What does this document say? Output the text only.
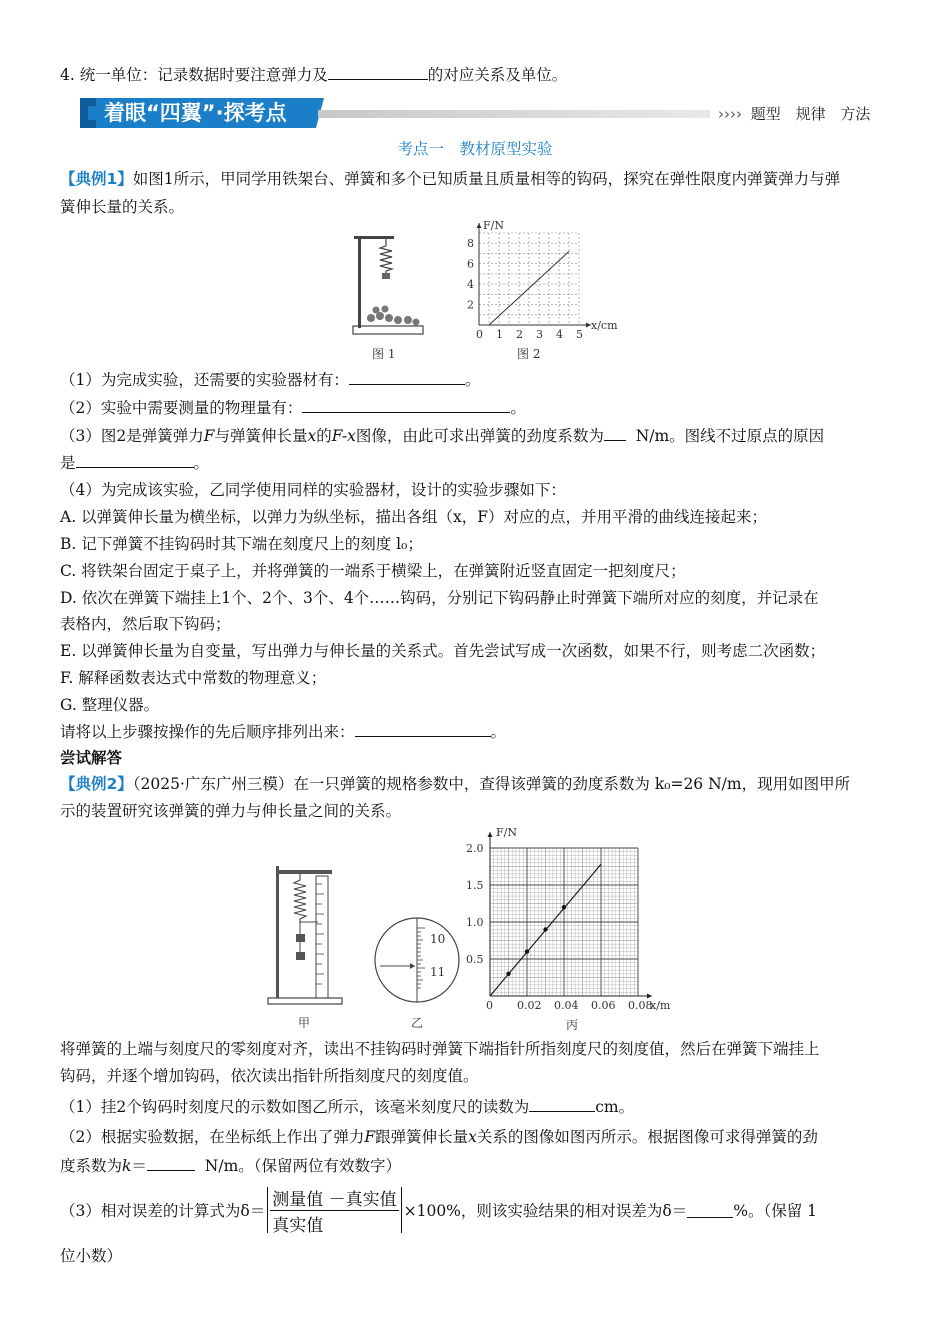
4. 统一单位：记录数据时要注意弹力及	的对应关系及单位。
着眼“四翼”·探考点	›››› 题型 规律 方法
考点一　教材原型实验
【典例1】如图1所示，甲同学用铁架台、弹簧和多个已知质量且质量相等的钩码，探究在弹性限度内弹簧弹力与弹
簧伸长量的关系。
图 1
0 1 2 3 4 5
2
4
6
8
x/cm
F/N
图 2
（1）为完成实验，还需要的实验器材有：	。
（2）实验中需要测量的物理量有：	。
（3）图2是弹簧弹力F与弹簧伸长量x的F-x图像，由此可求出弹簧的劲度系数为 N/m。图线不过原点的原因
是	。
（4）为完成该实验，乙同学使用同样的实验器材，设计的实验步骤如下：
A. 以弹簧伸长量为横坐标，以弹力为纵坐标，描出各组（x，F）对应的点，并用平滑的曲线连接起来；
B. 记下弹簧不挂钩码时其下端在刻度尺上的刻度 l₀；
C. 将铁架台固定于桌子上，并将弹簧的一端系于横梁上，在弹簧附近竖直固定一把刻度尺；
D. 依次在弹簧下端挂上1个、2个、3个、4个……钩码，分别记下钩码静止时弹簧下端所对应的刻度，并记录在
表格内，然后取下钩码；
E. 以弹簧伸长量为自变量，写出弹力与伸长量的关系式。首先尝试写成一次函数，如果不行，则考虑二次函数；
F. 解释函数表达式中常数的物理意义；
G. 整理仪器。
请将以上步骤按操作的先后顺序排列出来：	。
尝试解答
【典例2】（2025·广东广州三模）在一只弹簧的规格参数中，查得该弹簧的劲度系数为 k₀=26 N/m，现用如图甲所
示的装置研究该弹簧的弹力与伸长量之间的关系。
甲
10
11
乙
0 0.02 0.04 0.06 0.08
0.5
1.0
1.5
2.0
x/m
F/N
丙
将弹簧的上端与刻度尺的零刻度对齐，读出不挂钩码时弹簧下端指针所指刻度尺的刻度值，然后在弹簧下端挂上
钩码，并逐个增加钩码，依次读出指针所指刻度尺的刻度值。
（1）挂2个钩码时刻度尺的示数如图乙所示，该毫米刻度尺的读数为	cm。
（2）根据实验数据，在坐标纸上作出了弹力F跟弹簧伸长量x关系的图像如图丙所示。根据图像可求得弹簧的劲
度系数为k＝	N/m。（保留两位有效数字）
（3）相对误差的计算式为$\delta= \frac{\text{测量值 －真实值}}{\text{真实值}} \times 100\%$，则该实验结果的相对误差为δ＝	%。（保留 1
位小数）
